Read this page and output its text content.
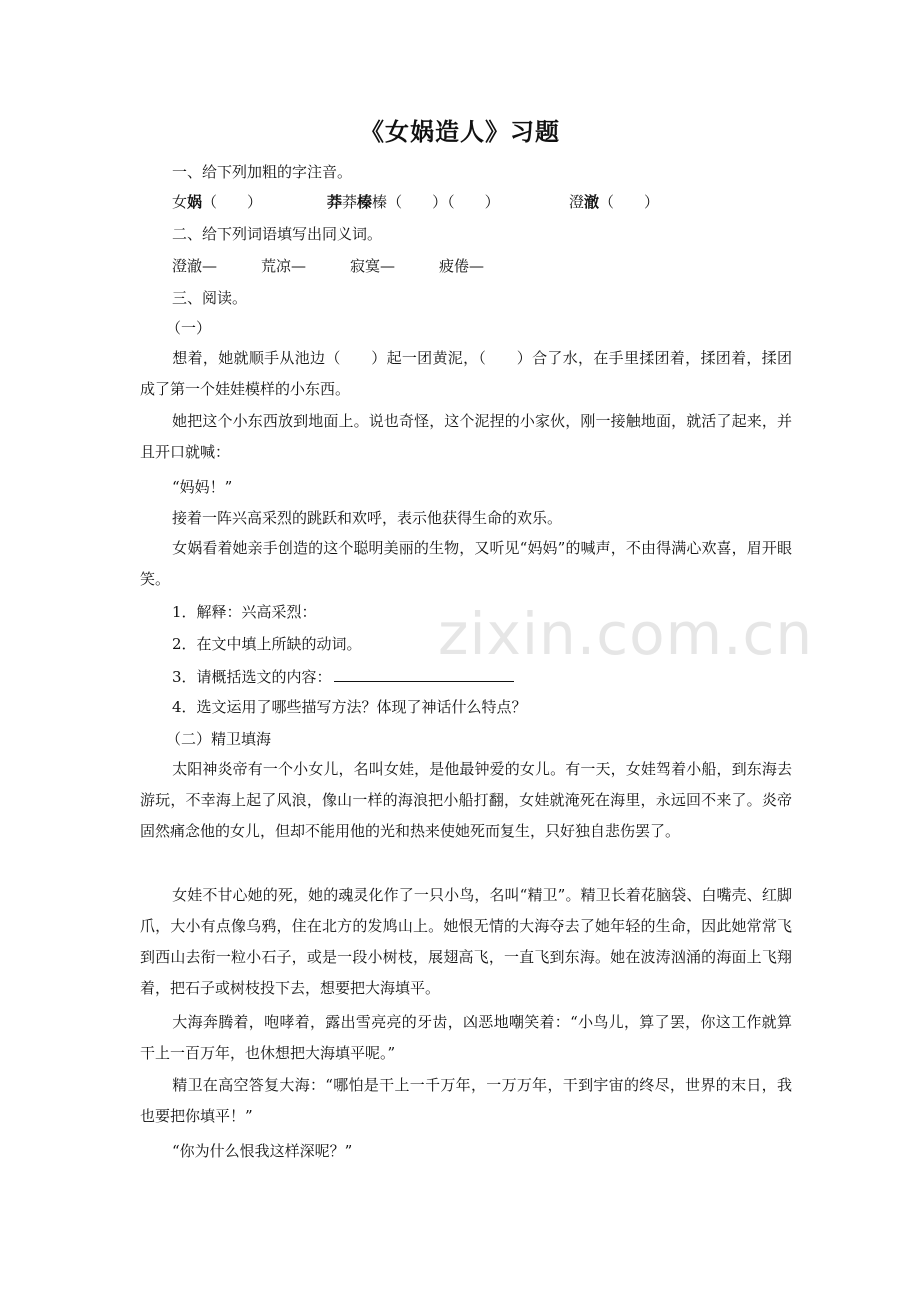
《女娲造人》习题

一、给下列加粗的字注音。

女娲（　　）	莽莽榛榛（　　）（　　）	澄澈（　　）

二、给下列词语填写出同义词。

澄澈—	荒凉—	寂寞—	疲倦—

三、阅读。

（一）

想着，她就顺手从池边（　　）起一团黄泥，（　　）合了水，在手里揉团着，揉团着，揉团成了第一个娃娃模样的小东西。

她把这个小东西放到地面上。说也奇怪，这个泥捏的小家伙，刚一接触地面，就活了起来，并且开口就喊：

“妈妈！”

接着一阵兴高采烈的跳跃和欢呼，表示他获得生命的欢乐。

女娲看着她亲手创造的这个聪明美丽的生物，又听见“妈妈”的喊声，不由得满心欢喜，眉开眼笑。

1．解释：兴高采烈：

2．在文中填上所缺的动词。

3．请概括选文的内容：

4．选文运用了哪些描写方法？体现了神话什么特点？

（二）精卫填海

太阳神炎帝有一个小女儿，名叫女娃，是他最钟爱的女儿。有一天，女娃驾着小船，到东海去游玩，不幸海上起了风浪，像山一样的海浪把小船打翻，女娃就淹死在海里，永远回不来了。炎帝固然痛念他的女儿，但却不能用他的光和热来使她死而复生，只好独自悲伤罢了。

女娃不甘心她的死，她的魂灵化作了一只小鸟，名叫“精卫”。精卫长着花脑袋、白嘴壳、红脚爪，大小有点像乌鸦，住在北方的发鸠山上。她恨无情的大海夺去了她年轻的生命，因此她常常飞到西山去衔一粒小石子，或是一段小树枝，展翅高飞，一直飞到东海。她在波涛汹涌的海面上飞翔着，把石子或树枝投下去，想要把大海填平。

大海奔腾着，咆哮着，露出雪亮亮的牙齿，凶恶地嘲笑着：“小鸟儿，算了罢，你这工作就算干上一百万年，也休想把大海填平呢。”

精卫在高空答复大海：“哪怕是干上一千万年，一万万年，干到宇宙的终尽，世界的末日，我也要把你填平！”

“你为什么恨我这样深呢？”

zixin.com.cn
